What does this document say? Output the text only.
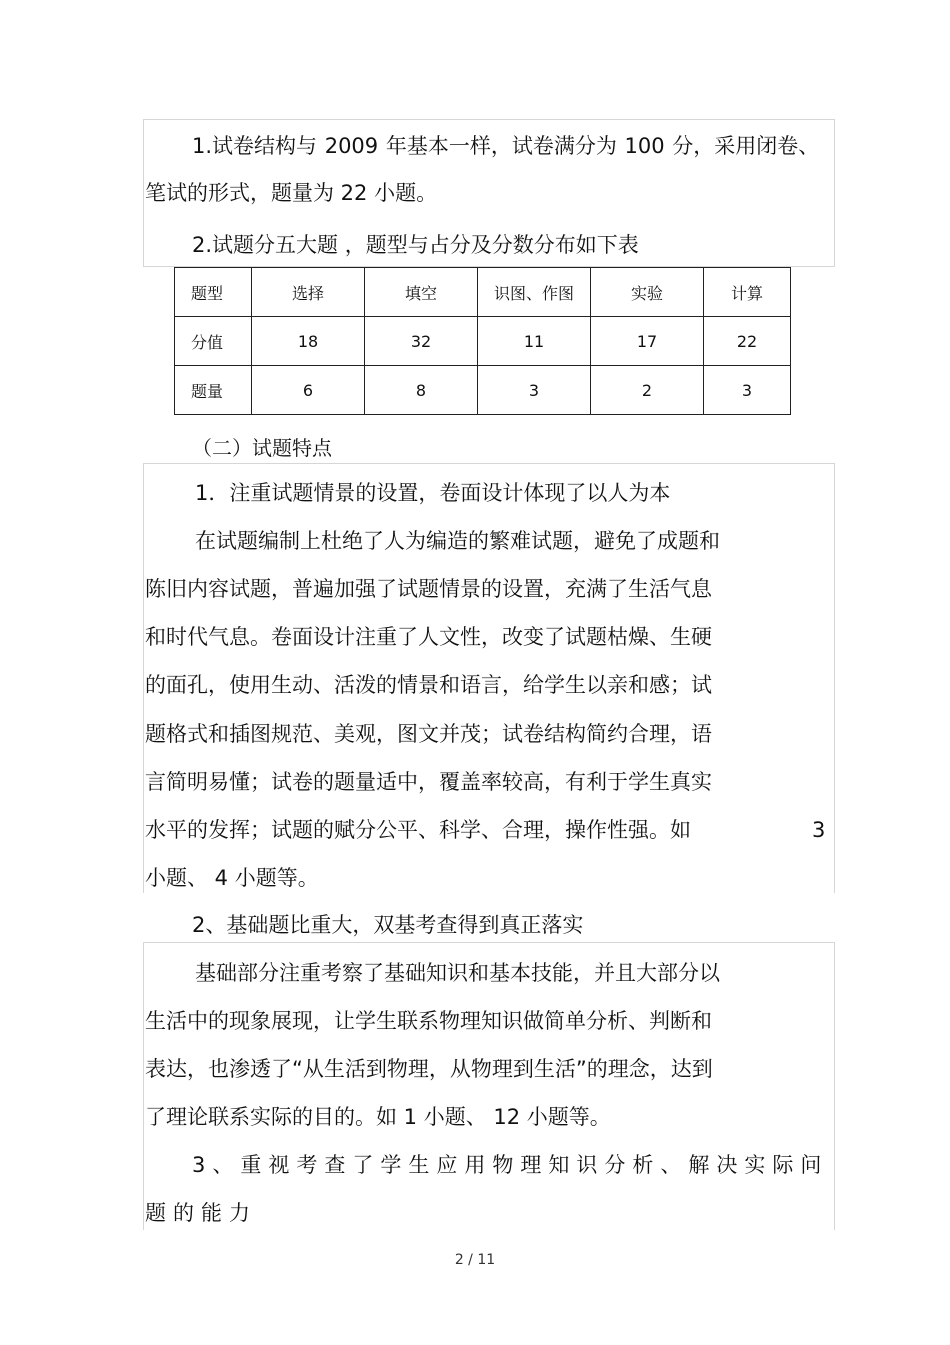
1.试卷结构与 2009 年基本一样，试卷满分为 100 分，采用闭卷、
笔试的形式，题量为 22 小题。
2.试题分五大题 ，题型与占分及分数分布如下表
题型	选择	填空	识图、作图	实验	计算
分值	18	32	11	17	22
题量	6	8	3	2	3
（二）试题特点
1．注重试题情景的设置，卷面设计体现了以人为本
在试题编制上杜绝了人为编造的繁难试题，避免了成题和
陈旧内容试题，普遍加强了试题情景的设置，充满了生活气息
和时代气息。卷面设计注重了人文性，改变了试题枯燥、生硬
的面孔，使用生动、活泼的情景和语言，给学生以亲和感；试
题格式和插图规范、美观，图文并茂；试卷结构简约合理，语
言简明易懂；试卷的题量适中，覆盖率较高，有利于学生真实
水平的发挥；试题的赋分公平、科学、合理，操作性强。如	3
小题、 4 小题等。
2、基础题比重大，双基考查得到真正落实
基础部分注重考察了基础知识和基本技能，并且大部分以
生活中的现象展现，让学生联系物理知识做简单分析、判断和
表达，也渗透了“从生活到物理，从物理到生活”的理念，达到
了理论联系实际的目的。如 1 小题、 12 小题等。
3、重视考查了学生应用物理知识分析、解决实际问
题的能力
2 / 11
